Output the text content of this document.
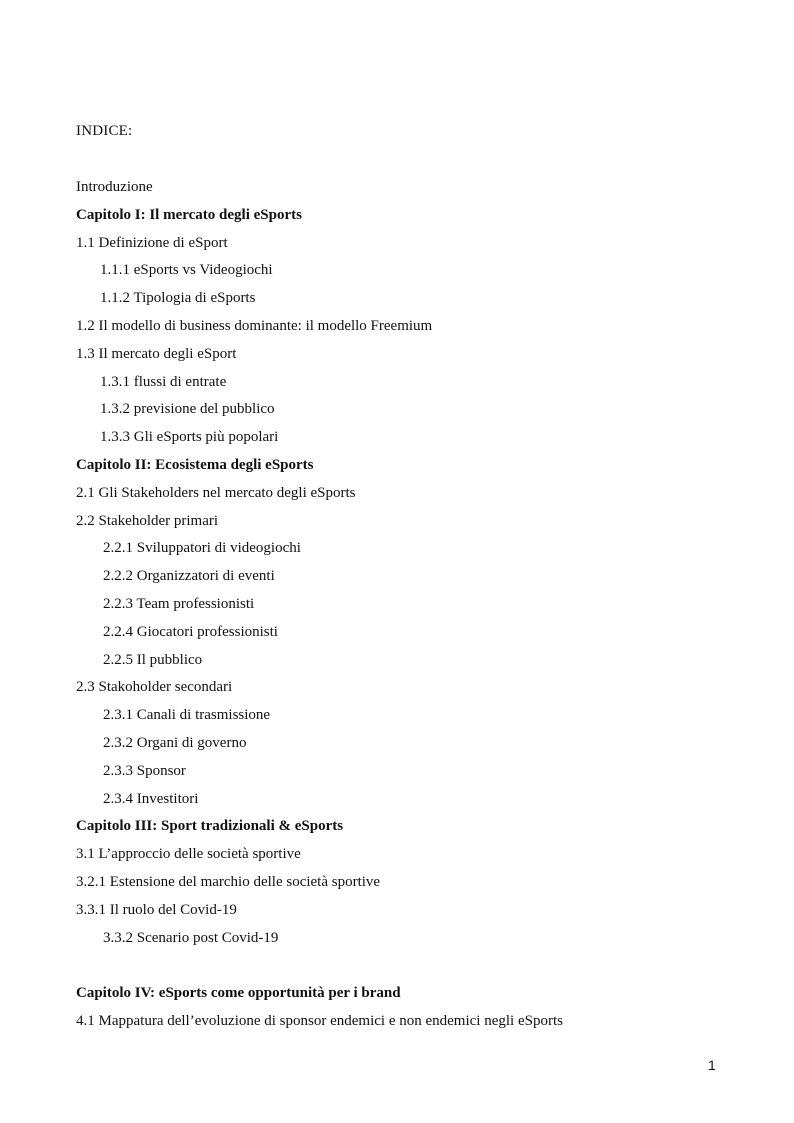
INDICE:
Introduzione
Capitolo I: Il mercato degli eSports
1.1 Definizione di eSport
1.1.1 eSports vs Videogiochi
1.1.2 Tipologia di eSports
1.2 Il modello di business dominante: il modello Freemium
1.3 Il mercato degli eSport
1.3.1 flussi di entrate
1.3.2 previsione del pubblico
1.3.3 Gli eSports più popolari
Capitolo II: Ecosistema degli eSports
2.1 Gli Stakeholders nel mercato degli eSports
2.2 Stakeholder primari
2.2.1 Sviluppatori di videogiochi
2.2.2 Organizzatori di eventi
2.2.3 Team professionisti
2.2.4 Giocatori professionisti
2.2.5 Il pubblico
2.3 Stakoholder secondari
2.3.1 Canali di trasmissione
2.3.2 Organi di governo
2.3.3 Sponsor
2.3.4 Investitori
Capitolo III: Sport tradizionali & eSports
3.1 L’approccio delle società sportive
3.2.1 Estensione del marchio delle società sportive
3.3.1 Il ruolo del Covid-19
3.3.2 Scenario post Covid-19
Capitolo IV: eSports come opportunità per i brand
4.1 Mappatura dell’evoluzione di sponsor endemici e non endemici negli eSports
1
